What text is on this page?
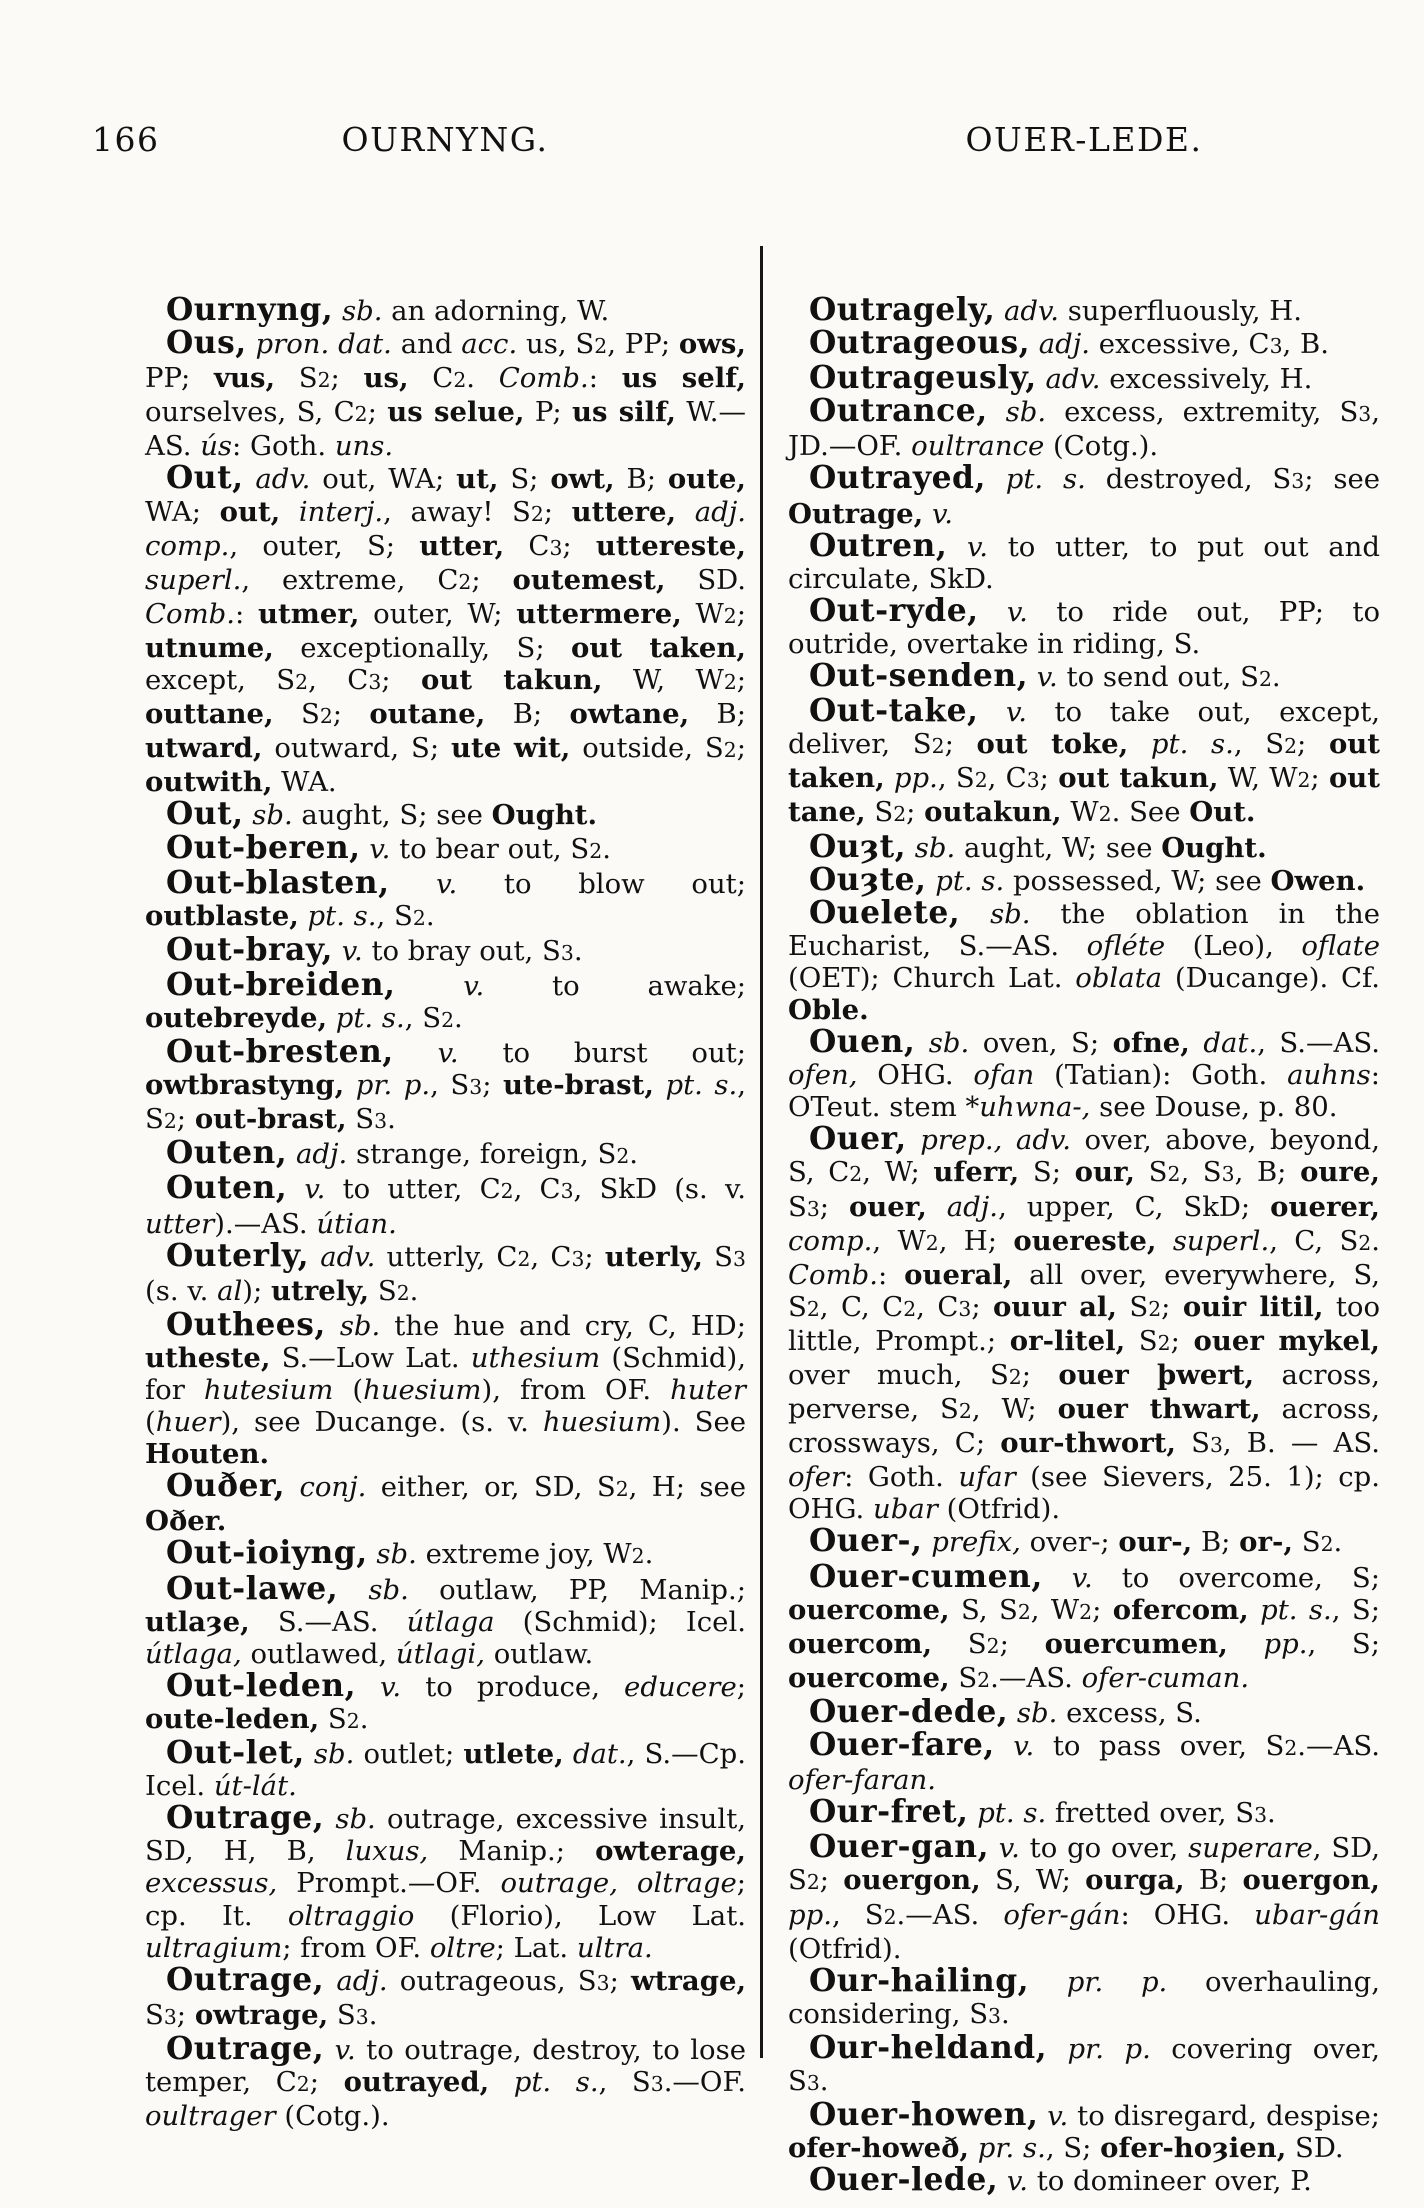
166	OURNYNG.	OUER-LEDE.

Ournyng, sb. an adorning, W.

Ous, pron. dat. and acc. us, S2, PP; ows, PP; vus, S2; us, C2. Comb.: us self, ourselves, S, C2; us selue, P; us silf, W.—AS. ús: Goth. uns.

Out, adv. out, WA; ut, S; owt, B; oute, WA; out, interj., away! S2; uttere, adj. comp., outer, S; utter, C3; uttereste, superl., extreme, C2; outemest, SD. Comb.: utmer, outer, W; uttermere, W2; utnume, exceptionally, S; out taken, except, S2, C3; out takun, W, W2; outtane, S2; outane, B; owtane, B; utward, outward, S; ute wit, outside, S2; outwith, WA.

Out, sb. aught, S; see Ought.

Out-beren, v. to bear out, S2.

Out-blasten, v. to blow out; outblaste, pt. s., S2.

Out-bray, v. to bray out, S3.

Out-breiden, v. to awake; outebreyde, pt. s., S2.

Out-bresten, v. to burst out; owtbrastyng, pr. p., S3; ute-brast, pt. s., S2; out-brast, S3.

Outen, adj. strange, foreign, S2.

Outen, v. to utter, C2, C3, SkD (s. v. utter).—AS. útian.

Outerly, adv. utterly, C2, C3; uterly, S3 (s. v. al); utrely, S2.

Outhees, sb. the hue and cry, C, HD; utheste, S.—Low Lat. uthesium (Schmid), for hutesium (huesium), from OF. huter (huer), see Ducange. (s. v. huesium). See Houten.

Ouðer, conj. either, or, SD, S2, H; see Oðer.

Out-ioiyng, sb. extreme joy, W2.

Out-lawe, sb. outlaw, PP, Manip.; utlaȝe, S.—AS. útlaga (Schmid); Icel. útlaga, outlawed, útlagi, outlaw.

Out-leden, v. to produce, educere; oute-leden, S2.

Out-let, sb. outlet; utlete, dat., S.—Cp. Icel. út-lát.

Outrage, sb. outrage, excessive insult, SD, H, B, luxus, Manip.; owterage, excessus, Prompt.—OF. outrage, oltrage; cp. It. oltraggio (Florio), Low Lat. ultragium; from OF. oltre; Lat. ultra.

Outrage, adj. outrageous, S3; wtrage, S3; owtrage, S3.

Outrage, v. to outrage, destroy, to lose temper, C2; outrayed, pt. s., S3.—OF. oultrager (Cotg.).

Outragely, adv. superfluously, H.

Outrageous, adj. excessive, C3, B.

Outrageusly, adv. excessively, H.

Outrance, sb. excess, extremity, S3, JD.—OF. oultrance (Cotg.).

Outrayed, pt. s. destroyed, S3; see Outrage, v.

Outren, v. to utter, to put out and circulate, SkD.

Out-ryde, v. to ride out, PP; to outride, overtake in riding, S.

Out-senden, v. to send out, S2.

Out-take, v. to take out, except, deliver, S2; out toke, pt. s., S2; out taken, pp., S2, C3; out takun, W, W2; out tane, S2; outakun, W2. See Out.

Ouȝt, sb. aught, W; see Ought.

Ouȝte, pt. s. possessed, W; see Owen.

Ouelete, sb. the oblation in the Eucharist, S.—AS. ofléte (Leo), oflate (OET); Church Lat. oblata (Ducange). Cf. Oble.

Ouen, sb. oven, S; ofne, dat., S.—AS. ofen, OHG. ofan (Tatian): Goth. auhns: OTeut. stem *uhwna-, see Douse, p. 80.

Ouer, prep., adv. over, above, beyond, S, C2, W; uferr, S; our, S2, S3, B; oure, S3; ouer, adj., upper, C, SkD; ouerer, comp., W2, H; ouereste, superl., C, S2. Comb.: oueral, all over, everywhere, S, S2, C, C2, C3; ouur al, S2; ouir litil, too little, Prompt.; or-litel, S2; ouer mykel, over much, S2; ouer þwert, across, perverse, S2, W; ouer thwart, across, crossways, C; our-thwort, S3, B. — AS. ofer: Goth. ufar (see Sievers, 25. 1); cp. OHG. ubar (Otfrid).

Ouer-, prefix, over-; our-, B; or-, S2.

Ouer-cumen, v. to overcome, S; ouercome, S, S2, W2; ofercom, pt. s., S; ouercom, S2; ouercumen, pp., S; ouercome, S2.—AS. ofer-cuman.

Ouer-dede, sb. excess, S.

Ouer-fare, v. to pass over, S2.—AS. ofer-faran.

Our-fret, pt. s. fretted over, S3.

Ouer-gan, v. to go over, superare, SD, S2; ouergon, S, W; ourga, B; ouergon, pp., S2.—AS. ofer-gán: OHG. ubar-gán (Otfrid).

Our-hailing, pr. p. overhauling, considering, S3.

Our-heldand, pr. p. covering over, S3.

Ouer-howen, v. to disregard, despise; ofer-howeð, pr. s., S; ofer-hoȝien, SD.

Ouer-lede, v. to domineer over, P.
